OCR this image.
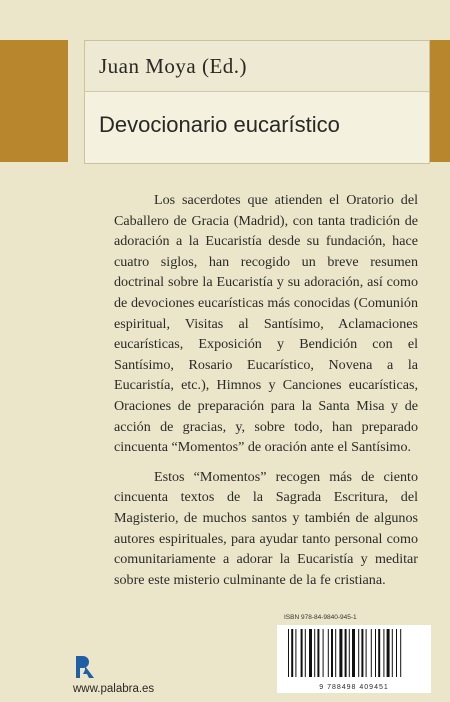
Juan Moya (Ed.)
Devocionario eucarístico

Los sacerdotes que atienden el Oratorio del Caballero de Gracia (Madrid), con tanta tradición de adoración a la Eucaristía desde su fundación, hace cuatro siglos, han recogido un breve resumen doctrinal sobre la Eucaristía y su adoración, así como de devociones eucarísticas más conocidas (Comunión espiritual, Visitas al Santísimo, Aclamaciones eucarísticas, Exposición y Bendición con el Santísimo, Rosario Eucarístico, Novena a la Eucaristía, etc.), Himnos y Canciones eucarísticas, Oraciones de preparación para la Santa Misa y de acción de gracias, y, sobre todo, han preparado cincuenta “Momentos” de oración ante el Santísimo.

Estos “Momentos” recogen más de ciento cincuenta textos de la Sagrada Escritura, del Magisterio, de muchos santos y también de algunos autores espirituales, para ayudar tanto personal como comunitariamente a adorar la Eucaristía y meditar sobre este misterio culminante de la fe cristiana.

ISBN 978-84-9840-945-1
9 788498 409451
www.palabra.es
